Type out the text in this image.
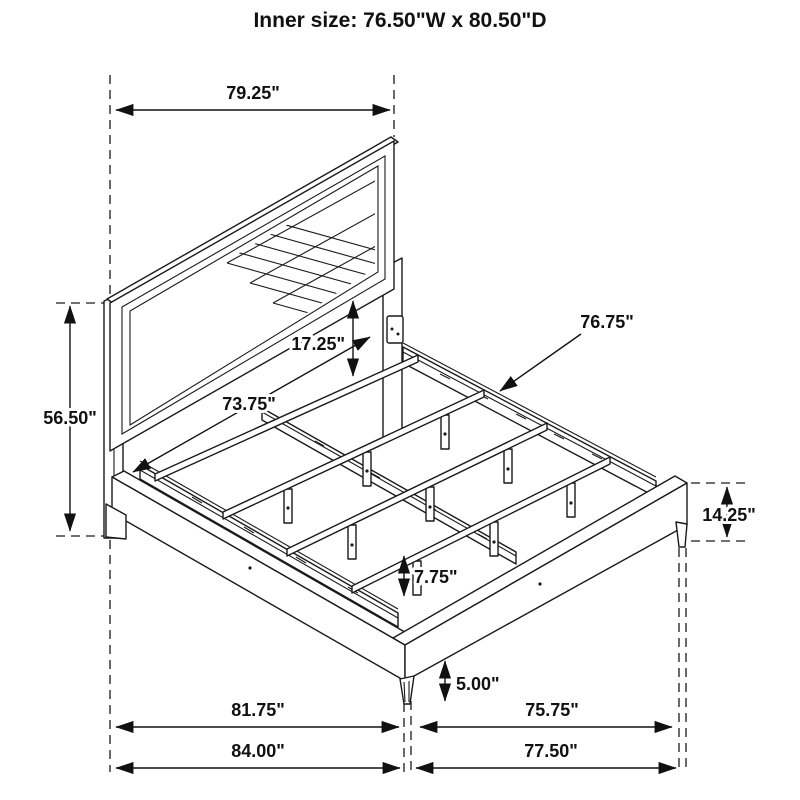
79.25"
56.50"
17.25"
73.75"
76.75"
14.25"
7.75"
5.00"
81.75"	75.75"
84.00"	77.50"
Inner size: 76.50"W x 80.50"D
